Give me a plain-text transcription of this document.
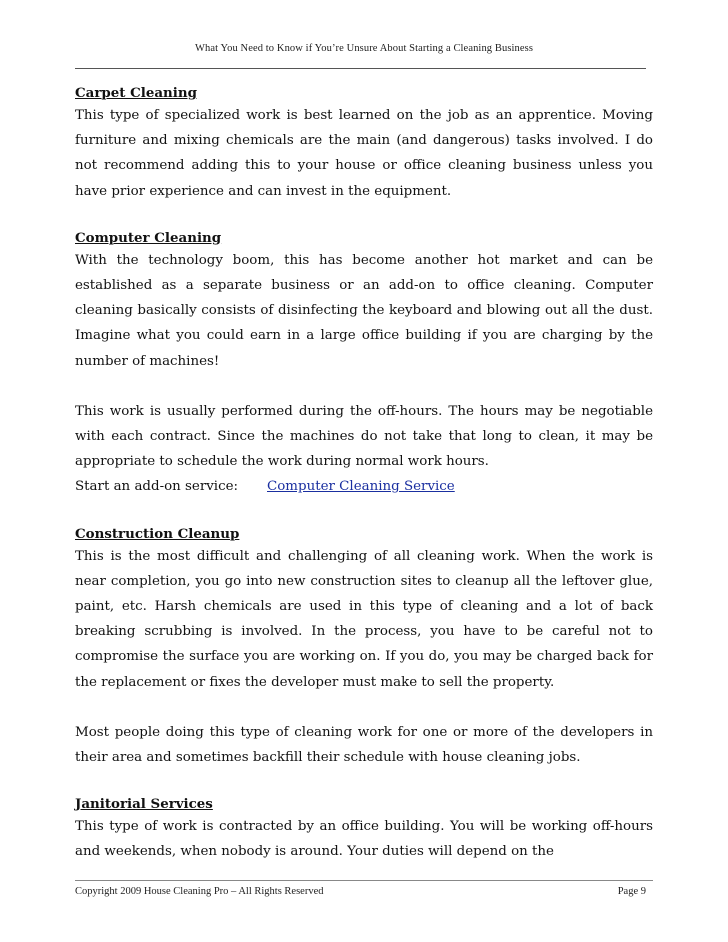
What You Need to Know if You’re Unsure About Starting a Cleaning Business
Carpet Cleaning

This type of specialized work is best learned on the job as an apprentice. Moving furniture and mixing chemicals are the main (and dangerous) tasks involved. I do not recommend adding this to your house or office cleaning business unless you have prior experience and can invest in the equipment.

Computer Cleaning

With the technology boom, this has become another hot market and can be established as a separate business or an add-on to office cleaning. Computer cleaning basically consists of disinfecting the keyboard and blowing out all the dust. Imagine what you could earn in a large office building if you are charging by the number of machines!

This work is usually performed during the off-hours. The hours may be negotiable with each contract. Since the machines do not take that long to clean, it may be appropriate to schedule the work during normal work hours.

Start an add-on service: Computer Cleaning Service
Construction Cleanup

This is the most difficult and challenging of all cleaning work. When the work is near completion, you go into new construction sites to cleanup all the leftover glue, paint, etc. Harsh chemicals are used in this type of cleaning and a lot of back breaking scrubbing is involved. In the process, you have to be careful not to compromise the surface you are working on. If you do, you may be charged back for the replacement or fixes the developer must make to sell the property.

Most people doing this type of cleaning work for one or more of the developers in their area and sometimes backfill their schedule with house cleaning jobs.

Janitorial Services

This type of work is contracted by an office building. You will be working off-hours and weekends, when nobody is around. Your duties will depend on the

Copyright 2009 House Cleaning Pro – All Rights Reserved	Page 9
